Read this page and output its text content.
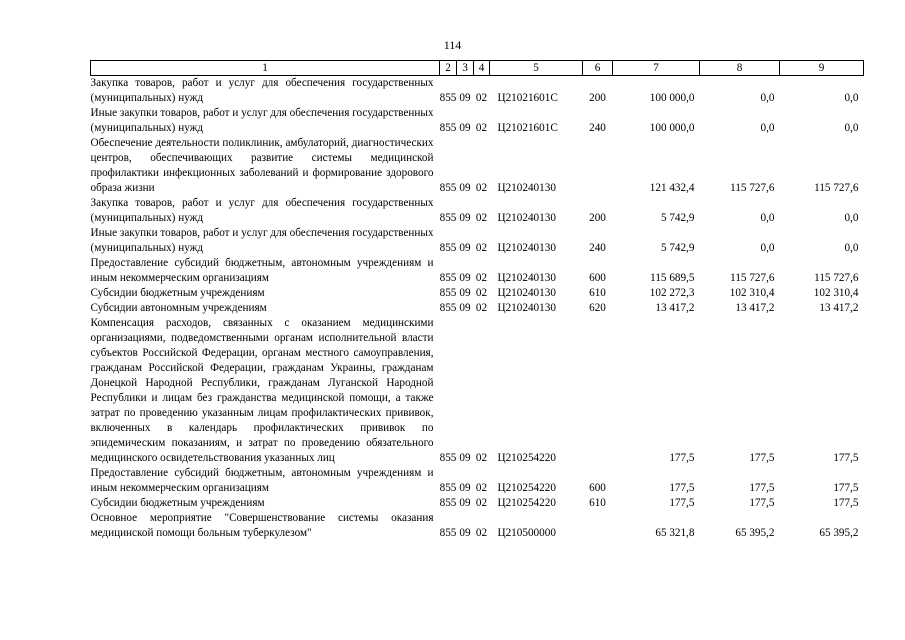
114
1	2	3	4	5	6	7	8	9
Закупка товаров, работ и услуг для обеспечения государственных (муниципальных) нужд	855	09	02	Ц21021601С	200	100 000,0	0,0	0,0
Иные закупки товаров, работ и услуг для обеспечения государственных (муниципальных) нужд	855	09	02	Ц21021601С	240	100 000,0	0,0	0,0
Обеспечение деятельности поликлиник, амбулаторий, диагностических центров, обеспечивающих развитие системы медицинской профилактики инфекционных заболеваний и формирование здорового образа жизни	855	09	02	Ц210240130		121 432,4	115 727,6	115 727,6
Закупка товаров, работ и услуг для обеспечения государственных (муниципальных) нужд	855	09	02	Ц210240130	200	5 742,9	0,0	0,0
Иные закупки товаров, работ и услуг для обеспечения государственных (муниципальных) нужд	855	09	02	Ц210240130	240	5 742,9	0,0	0,0
Предоставление субсидий бюджетным, автономным учреждениям и иным некоммерческим организациям	855	09	02	Ц210240130	600	115 689,5	115 727,6	115 727,6
Субсидии бюджетным учреждениям	855	09	02	Ц210240130	610	102 272,3	102 310,4	102 310,4
Субсидии автономным учреждениям	855	09	02	Ц210240130	620	13 417,2	13 417,2	13 417,2
Компенсация расходов, связанных с оказанием медицинскими организациями, подведомственными органам исполнительной власти субъектов Российской Федерации, органам местного самоуправления, гражданам Российской Федерации, гражданам Украины, гражданам Донецкой Народной Республики, гражданам Луганской Народной Республики и лицам без гражданства медицинской помощи, а также затрат по проведению указанным лицам профилактических прививок, включенных в календарь профилактических прививок по эпидемическим показаниям, и затрат по проведению обязательного медицинского освидетельствования указанных лиц	855	09	02	Ц210254220		177,5	177,5	177,5
Предоставление субсидий бюджетным, автономным учреждениям и иным некоммерческим организациям	855	09	02	Ц210254220	600	177,5	177,5	177,5
Субсидии бюджетным учреждениям	855	09	02	Ц210254220	610	177,5	177,5	177,5
Основное мероприятие "Совершенствование системы оказания медицинской помощи больным туберкулезом"	855	09	02	Ц210500000		65 321,8	65 395,2	65 395,2
